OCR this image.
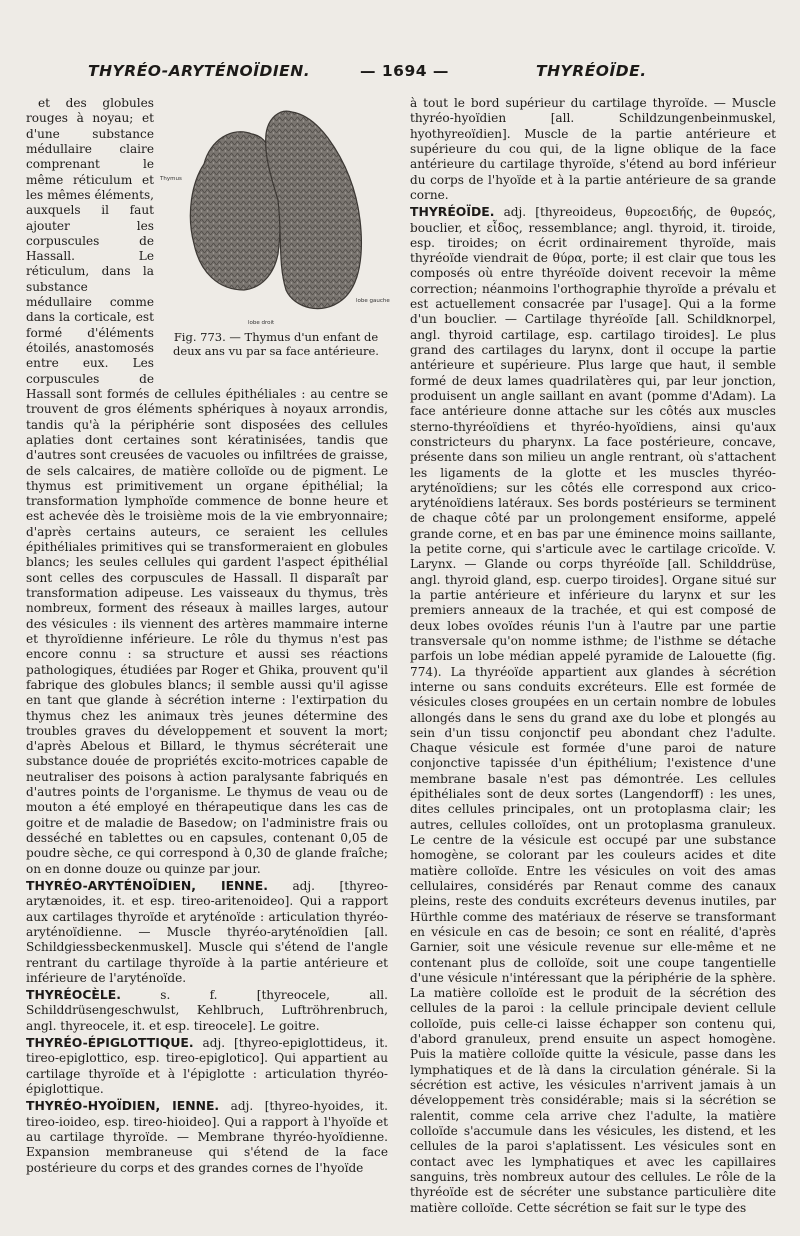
THYRÉO-ARYTÉNOÏDIEN.	— 1694 —	THYRÉOÏDE.
Thymus
lobe droit
lobe gauche
Fig. 773. — Thymus d'un enfant de deux ans vu par sa face antérieure.

et des globules rouges à noyau; et d'une substance médullaire claire comprenant le même réticulum et les mêmes éléments, auxquels il faut ajouter les corpuscules de Hassall. Le réticulum, dans la substance médullaire comme dans la corticale, est formé d'éléments étoilés, anastomosés entre eux. Les corpuscules de Hassall sont formés de cellules épithéliales : au centre se trouvent de gros éléments sphériques à noyaux arrondis, tandis qu'à la périphérie sont disposées des cellules aplaties dont certaines sont kératinisées, tandis que d'autres sont creusées de vacuoles ou infiltrées de graisse, de sels calcaires, de matière colloïde ou de pigment. Le thymus est primitivement un organe épithélial; la transformation lymphoïde commence de bonne heure et est achevée dès le troisième mois de la vie embryonnaire; d'après certains auteurs, ce seraient les cellules épithéliales primitives qui se transformeraient en globules blancs; les seules cellules qui gardent l'aspect épithélial sont celles des corpuscules de Hassall. Il disparaît par transformation adipeuse. Les vaisseaux du thymus, très nombreux, forment des réseaux à mailles larges, autour des vésicules : ils viennent des artères mammaire interne et thyroïdienne inférieure. Le rôle du thymus n'est pas encore connu : sa structure et aussi ses réactions pathologiques, étudiées par Roger et Ghika, prouvent qu'il fabrique des globules blancs; il semble aussi qu'il agisse en tant que glande à sécrétion interne : l'extirpation du thymus chez les animaux très jeunes détermine des troubles graves du développement et souvent la mort; d'après Abelous et Billard, le thymus sécréterait une substance douée de propriétés excito-motrices capable de neutraliser des poisons à action paralysante fabriqués en d'autres points de l'organisme. Le thymus de veau ou de mouton a été employé en thérapeutique dans les cas de goitre et de maladie de Basedow; on l'administre frais ou desséché en tablettes ou en capsules, contenant 0,05 de poudre sèche, ce qui correspond à 0,30 de glande fraîche; on en donne douze ou quinze par jour.

THYRÉO-ARYTÉNOÏDIEN, IENNE. adj. [thyreo-arytænoides, it. et esp. tireo-aritenoideo]. Qui a rapport aux cartilages thyroïde et aryténoïde : articulation thyréo-aryténoïdienne. — Muscle thyréo-aryténoïdien [all. Schildgiessbeckenmuskel]. Muscle qui s'étend de l'angle rentrant du cartilage thyroïde à la partie antérieure et inférieure de l'aryténoïde.

THYRÉOCÈLE.	s. f. [thyreocele, all. Schilddrüsengeschwulst, Kehlbruch, Luftröhrenbruch, angl. thyreocele, it. et esp. tireocele]. Le goitre.

THYRÉO-ÉPIGLOTTIQUE. adj. [thyreo-epiglottideus, it. tireo-epiglottico, esp. tireo-epiglotico]. Qui appartient au cartilage thyroïde et à l'épiglotte : articulation thyréo-épiglottique.

THYRÉO-HYOÏDIEN, IENNE. adj. [thyreo-hyoides, it. tireo-ioideo, esp. tireo-hioideo]. Qui a rapport à l'hyoïde et au cartilage thyroïde. — Membrane thyréo-hyoïdienne. Expansion membraneuse qui s'étend de la face postérieure du corps et des grandes cornes de l'hyoïde

à tout le bord supérieur du cartilage thyroïde. — Muscle thyréo-hyoïdien [all. Schildzungenbeinmuskel, hyothyreoïdien]. Muscle de la partie antérieure et supérieure du cou qui, de la ligne oblique de la face antérieure du cartilage thyroïde, s'étend au bord inférieur du corps de l'hyoïde et à la partie antérieure de sa grande corne.

THYRÉOÏDE. adj. [thyreoideus, θυρεοειδής, de θυρεός, bouclier, et εἶδος, ressemblance; angl. thyroid, it. tiroide, esp. tiroides; on écrit ordinairement thyroïde, mais thyréoïde viendrait de θύρα, porte; il est clair que tous les composés où entre thyréoïde doivent recevoir la même correction; néanmoins l'orthographie thyroïde a prévalu et est actuellement consacrée par l'usage]. Qui a la forme d'un bouclier. — Cartilage thyréoïde [all. Schildknorpel, angl. thyroid cartilage, esp. cartilago tiroides]. Le plus grand des cartilages du larynx, dont il occupe la partie antérieure et supérieure. Plus large que haut, il semble formé de deux lames quadrilatères qui, par leur jonction, produisent un angle saillant en avant (pomme d'Adam). La face antérieure donne attache sur les côtés aux muscles sterno-thyréoïdiens et thyréo-hyoïdiens, ainsi qu'aux constricteurs du pharynx. La face postérieure, concave, présente dans son milieu un angle rentrant, où s'attachent les ligaments de la glotte et les muscles thyréo-aryténoïdiens; sur les côtés elle correspond aux crico-aryténoïdiens latéraux. Ses bords postérieurs se terminent de chaque côté par un prolongement ensiforme, appelé grande corne, et en bas par une éminence moins saillante, la petite corne, qui s'articule avec le cartilage cricoïde. V. Larynx. — Glande ou corps thyréoïde [all. Schilddrüse, angl. thyroid gland, esp. cuerpo tiroides]. Organe situé sur la partie antérieure et inférieure du larynx et sur les premiers anneaux de la trachée, et qui est composé de deux lobes ovoïdes réunis l'un à l'autre par une partie transversale qu'on nomme isthme; de l'isthme se détache parfois un lobe médian appelé pyramide de Lalouette (fig. 774). La thyréoïde appartient aux glandes à sécrétion interne ou sans conduits excréteurs. Elle est formée de vésicules closes groupées en un certain nombre de lobules allongés dans le sens du grand axe du lobe et plongés au sein d'un tissu conjonctif peu abondant chez l'adulte. Chaque vésicule est formée d'une paroi de nature conjonctive tapissée d'un épithélium; l'existence d'une membrane basale n'est pas démontrée. Les cellules épithéliales sont de deux sortes (Langendorff) : les unes, dites cellules principales, ont un protoplasma clair; les autres, cellules colloïdes, ont un protoplasma granuleux. Le centre de la vésicule est occupé par une substance homogène, se colorant par les couleurs acides et dite matière colloïde. Entre les vésicules on voit des amas cellulaires, considérés par Renaut comme des canaux pleins, reste des conduits excréteurs devenus inutiles, par Hürthle comme des matériaux de réserve se transformant en vésicule en cas de besoin; ce sont en réalité, d'après Garnier, soit une vésicule revenue sur elle-même et ne contenant plus de colloïde, soit une coupe tangentielle d'une vésicule n'intéressant que la périphérie de la sphère. La matière colloïde est le produit de la sécrétion des cellules de la paroi : la cellule principale devient cellule colloïde, puis celle-ci laisse échapper son contenu qui, d'abord granuleux, prend ensuite un aspect homogène. Puis la matière colloïde quitte la vésicule, passe dans les lymphatiques et de là dans la circulation générale. Si la sécrétion est active, les vésicules n'arrivent jamais à un développement très considérable; mais si la sécrétion se ralentit, comme cela arrive chez l'adulte, la matière colloïde s'accumule dans les vésicules, les distend, et les cellules de la paroi s'aplatissent. Les vésicules sont en contact avec les lymphatiques et avec les capillaires sanguins, très nombreux autour des cellules. Le rôle de la thyréoïde est de sécréter une substance particulière dite matière colloïde. Cette sécrétion se fait sur le type des
